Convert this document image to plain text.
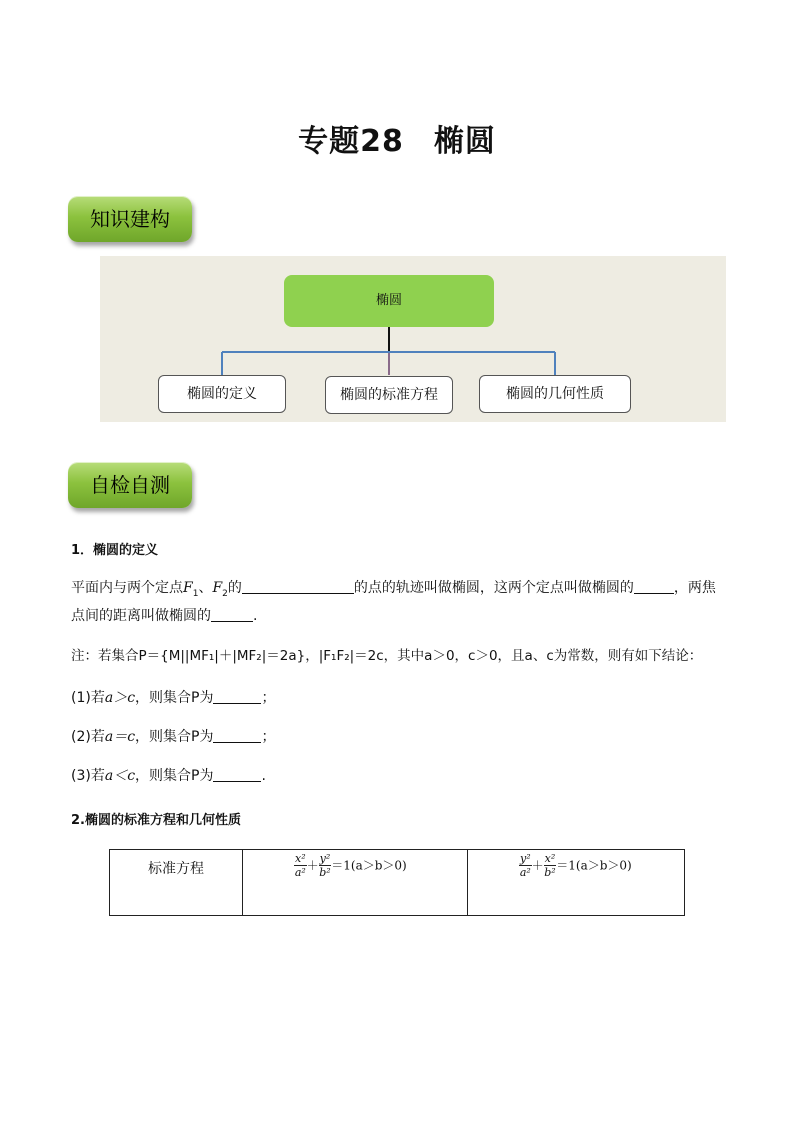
专题28 椭圆
知识建构
椭圆
椭圆的定义	椭圆的标准方程	椭圆的几何性质
自检自测
1．椭圆的定义
平面内与两个定点$F_1$、$F_2$的	的点的轨迹叫做椭圆，这两个定点叫做椭圆的	，两焦
点间的距离叫做椭圆的	.
注：若集合P＝{M||MF₁|＋|MF₂|＝2a}，|F₁F₂|＝2c，其中a＞0，c＞0，且a、c为常数，则有如下结论：
(1)若a＞c，则集合P为	；
(2)若a＝c，则集合P为	；
(3)若a＜c，则集合P为	.
2.椭圆的标准方程和几何性质
标准方程	$\frac{\text{x²}}{\text{a²}} + \frac{\text{y²}}{\text{b²}} =1(a>b>0)$	$\frac{\text{y²}}{\text{a²}} + \frac{\text{x²}}{\text{b²}} =1(a>b>0)$
